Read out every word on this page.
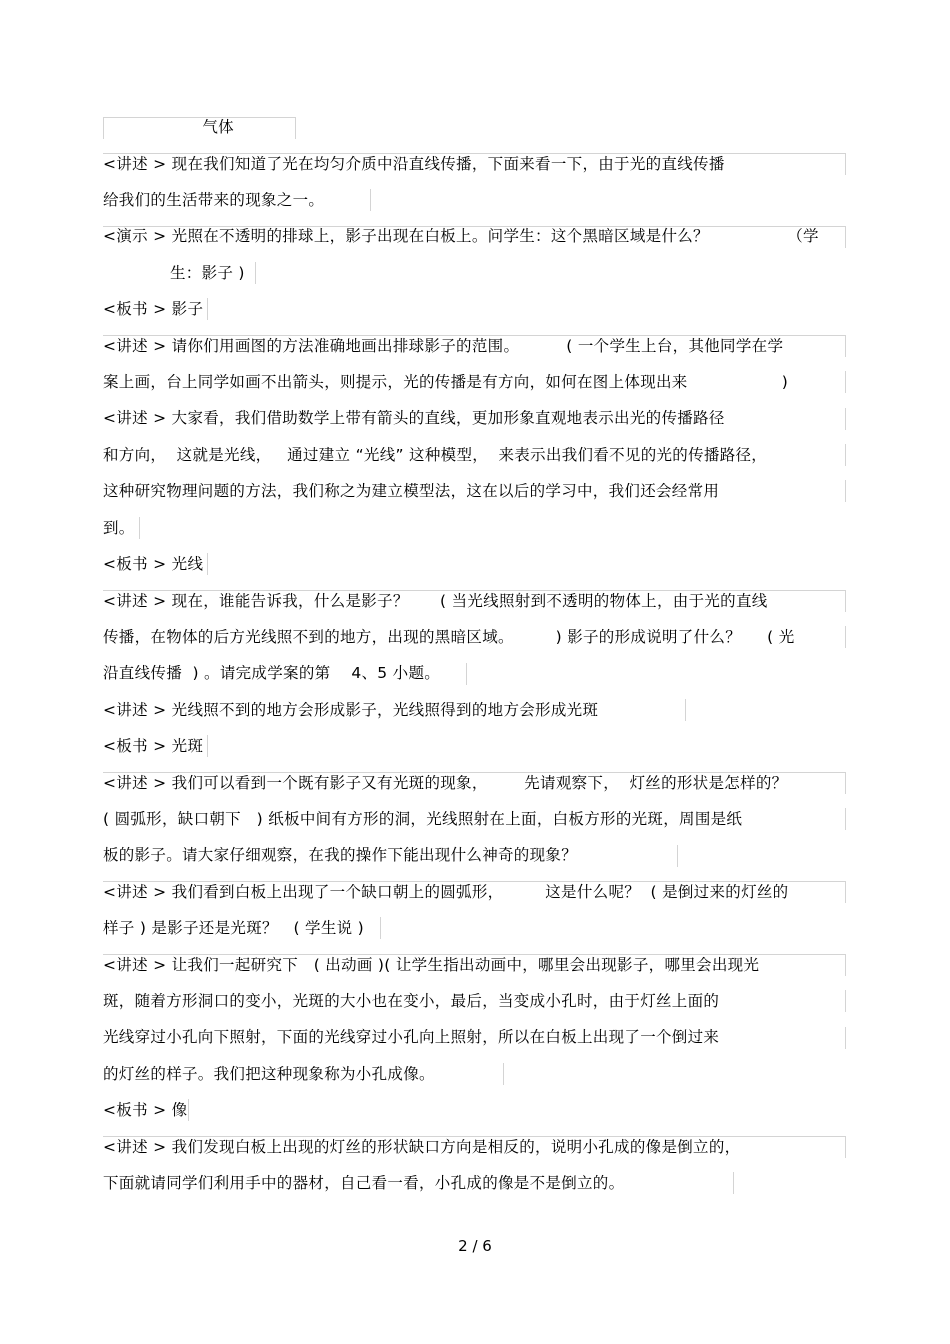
气体
<讲述 > 现在我们知道了光在均匀介质中沿直线传播，下面来看一下，由于光的直线传播
给我们的生活带来的现象之一。
<演示 > 光照在不透明的排球上，影子出现在白板上。问学生：这个黑暗区域是什么？               （学
生：影子 )
<板书 > 影子
<讲述 > 请你们用画图的方法准确地画出排球影子的范围。         ( 一个学生上台，其他同学在学
案上画，台上同学如画不出箭头，则提示，光的传播是有方向，如何在图上体现出来                  )
<讲述 > 大家看，我们借助数学上带有箭头的直线，更加形象直观地表示出光的传播路径
和方向，  这就是光线，   通过建立 “光线” 这种模型，  来表示出我们看不见的光的传播路径，
这种研究物理问题的方法，我们称之为建立模型法，这在以后的学习中，我们还会经常用
到。
<板书 > 光线
<讲述 > 现在，谁能告诉我，什么是影子？      ( 当光线照射到不透明的物体上，由于光的直线
传播，在物体的后方光线照不到的地方，出现的黑暗区域。        ) 影子的形成说明了什么？     ( 光
沿直线传播  ) 。请完成学案的第    4、5 小题。
<讲述 > 光线照不到的地方会形成影子，光线照得到的地方会形成光斑
<板书 > 光斑
<讲述 > 我们可以看到一个既有影子又有光斑的现象，       先请观察下，  灯丝的形状是怎样的？
( 圆弧形，缺口朝下   ) 纸板中间有方形的洞，光线照射在上面，白板方形的光斑，周围是纸
板的影子。请大家仔细观察，在我的操作下能出现什么神奇的现象？
<讲述 > 我们看到白板上出现了一个缺口朝上的圆弧形，        这是什么呢？  ( 是倒过来的灯丝的
样子 ) 是影子还是光斑？   ( 学生说 )
<讲述 > 让我们一起研究下   ( 出动画 )( 让学生指出动画中，哪里会出现影子，哪里会出现光
斑，随着方形洞口的变小，光斑的大小也在变小，最后，当变成小孔时，由于灯丝上面的
光线穿过小孔向下照射，下面的光线穿过小孔向上照射，所以在白板上出现了一个倒过来
的灯丝的样子。我们把这种现象称为小孔成像。
<板书 > 像
<讲述 > 我们发现白板上出现的灯丝的形状缺口方向是相反的，说明小孔成的像是倒立的，
下面就请同学们利用手中的器材，自己看一看，小孔成的像是不是倒立的。
2 / 6
